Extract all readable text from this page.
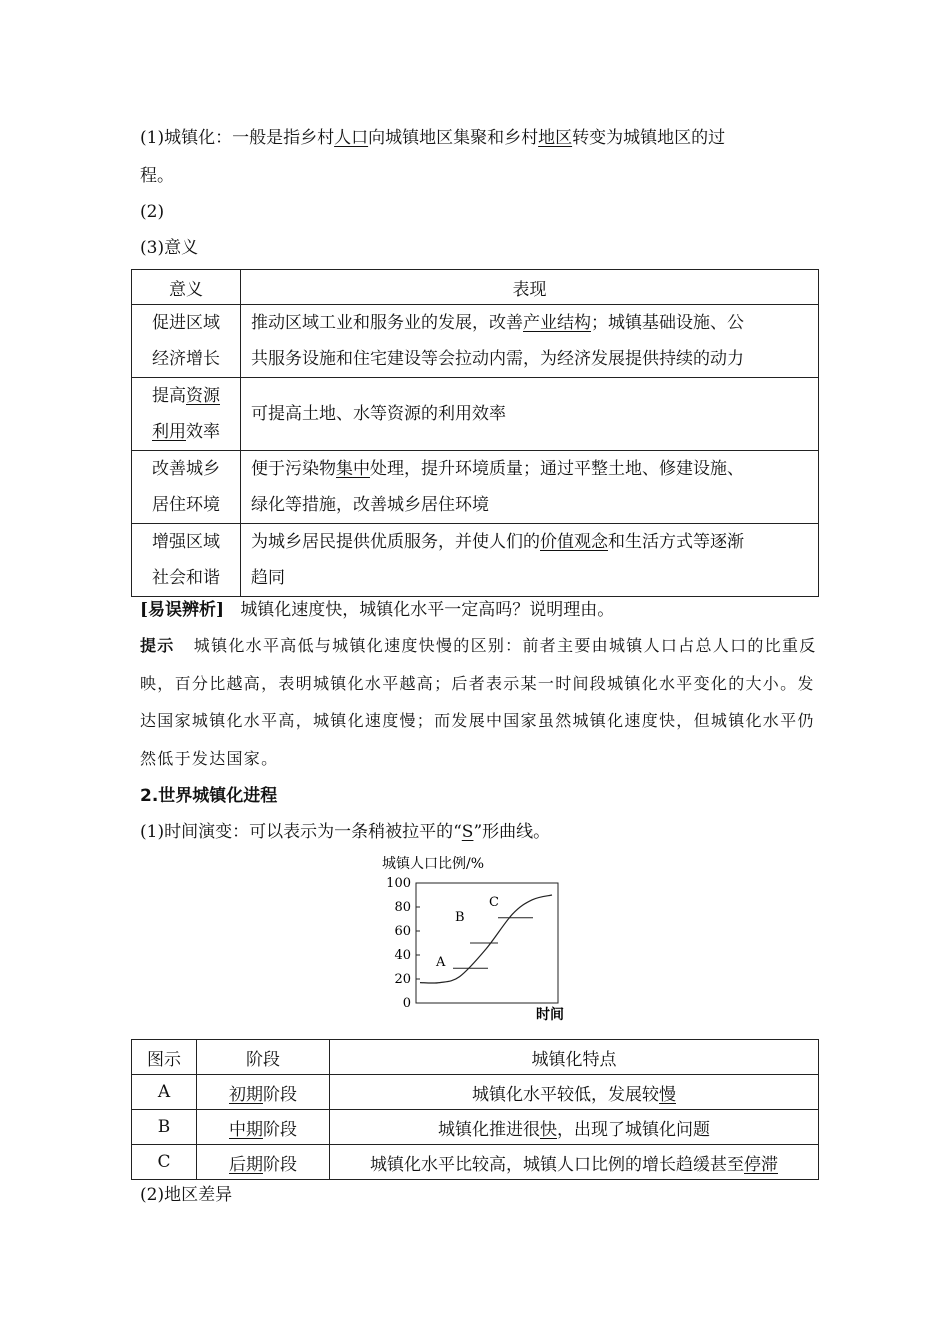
(1)城镇化：一般是指乡村人口向城镇地区集聚和乡村地区转变为城镇地区的过
程。
(2)
(3)意义
意义	表现
促进区域
经济增长	推动区域工业和服务业的发展，改善产业结构；城镇基础设施、公
共服务设施和住宅建设等会拉动内需，为经济发展提供持续的动力
提高资源
利用效率	可提高土地、水等资源的利用效率
改善城乡
居住环境	便于污染物集中处理，提升环境质量；通过平整土地、修建设施、
绿化等措施，改善城乡居住环境
增强区域
社会和谐	为城乡居民提供优质服务，并使人们的价值观念和生活方式等逐渐
趋同
[易误辨析] 城镇化速度快，城镇化水平一定高吗？说明理由。
提示 城镇化水平高低与城镇化速度快慢的区别：前者主要由城镇人口占总人口的比重反映，百分比越高，表明城镇化水平越高；后者表示某一时间段城镇化水平变化的大小。发达国家城镇化水平高，城镇化速度慢；而发展中国家虽然城镇化速度快，但城镇化水平仍然低于发达国家。
2.世界城镇化进程
(1)时间演变：可以表示为一条稍被拉平的“S”形曲线。
城镇人口比例/%
时间
100
80
60
40
20
0
A
B
C
图示	阶段	城镇化特点
A	初期阶段	城镇化水平较低，发展较慢
B	中期阶段	城镇化推进很快，出现了城镇化问题
C	后期阶段	城镇化水平比较高，城镇人口比例的增长趋缓甚至停滞
(2)地区差异
